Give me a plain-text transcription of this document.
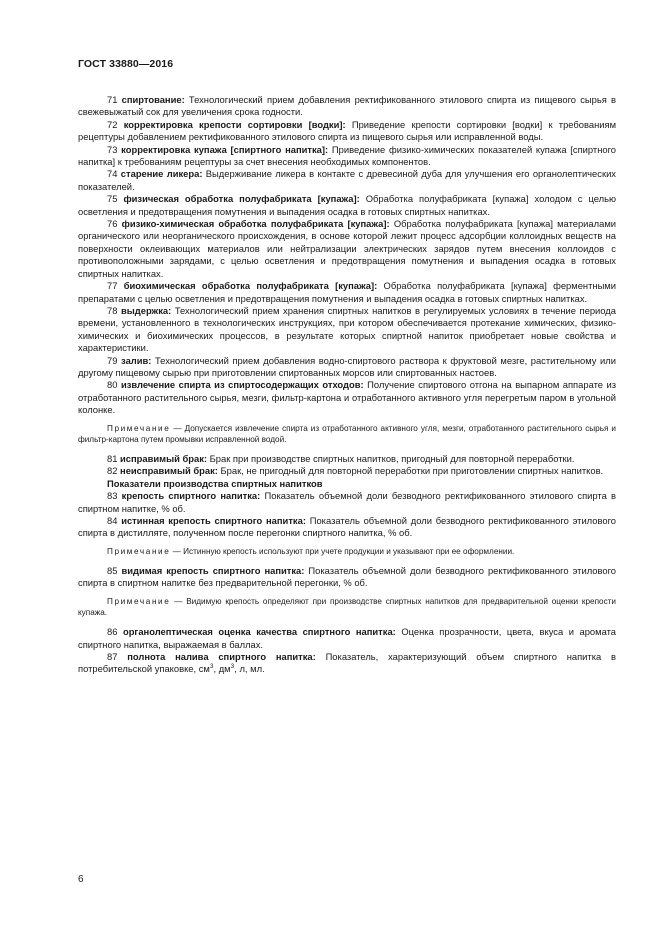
ГОСТ 33880—2016

71 спиртование: Технологический прием добавления ректификованного этилового спирта из пищевого сырья в свежевыжатый сок для увеличения срока годности.

72 корректировка крепости сортировки [водки]: Приведение крепости сортировки [водки] к требованиям рецептуры добавлением ректификованного этилового спирта из пищевого сырья или исправленной воды.

73 корректировка купажа [спиртного напитка]: Приведение физико-химических показателей купажа [спиртного напитка] к требованиям рецептуры за счет внесения необходимых компонентов.

74 старение ликера: Выдерживание ликера в контакте с древесиной дуба для улучшения его органолептических показателей.

75 физическая обработка полуфабриката [купажа]: Обработка полуфабриката [купажа] холодом с целью осветления и предотвращения помутнения и выпадения осадка в готовых спиртных напитках.

76 физико-химическая обработка полуфабриката [купажа]: Обработка полуфабриката [купажа] материалами органического или неорганического происхождения, в основе которой лежит процесс адсорбции коллоидных веществ на поверхности оклеивающих материалов или нейтрализации электрических зарядов путем внесения коллоидов с противоположными зарядами, с целью осветления и предотвращения помутнения и выпадения осадка в готовых спиртных напитках.

77 биохимическая обработка полуфабриката [купажа]: Обработка полуфабриката [купажа] ферментными препаратами с целью осветления и предотвращения помутнения и выпадения осадка в готовых спиртных напитках.

78 выдержка: Технологический прием хранения спиртных напитков в регулируемых условиях в течение периода времени, установленного в технологических инструкциях, при котором обеспечивается протекание химических, физико-химических и биохимических процессов, в результате которых спиртной напиток приобретает новые свойства и характеристики.

79 залив: Технологический прием добавления водно-спиртового раствора к фруктовой мезге, растительному или другому пищевому сырью при приготовлении спиртованных морсов или спиртованных настоев.

80 извлечение спирта из спиртосодержащих отходов: Получение спиртового отгона на выпарном аппарате из отработанного растительного сырья, мезги, фильтр-картона и отработанного активного угля перегретым паром в угольной колонке.

Примечание — Допускается извлечение спирта из отработанного активного угля, мезги, отработанного растительного сырья и фильтр-картона путем промывки исправленной водой.

81 исправимый брак: Брак при производстве спиртных напитков, пригодный для повторной переработки.

82 неисправимый брак: Брак, не пригодный для повторной переработки при приготовлении спиртных напитков.

Показатели производства спиртных напитков

83 крепость спиртного напитка: Показатель объемной доли безводного ректификованного этилового спирта в спиртном напитке, % об.

84 истинная крепость спиртного напитка: Показатель объемной доли безводного ректификованного этилового спирта в дистилляте, полученном после перегонки спиртного напитка, % об.

Примечание — Истинную крепость используют при учете продукции и указывают при ее оформлении.

85 видимая крепость спиртного напитка: Показатель объемной доли безводного ректификованного этилового спирта в спиртном напитке без предварительной перегонки, % об.

Примечание — Видимую крепость определяют при производстве спиртных напитков для предварительной оценки крепости купажа.

86 органолептическая оценка качества спиртного напитка: Оценка прозрачности, цвета, вкуса и аромата спиртного напитка, выражаемая в баллах.

87 полнота налива спиртного напитка: Показатель, характеризующий объем спиртного напитка в потребительской упаковке, $см^3$, $дм^3$, л, мл.

6
